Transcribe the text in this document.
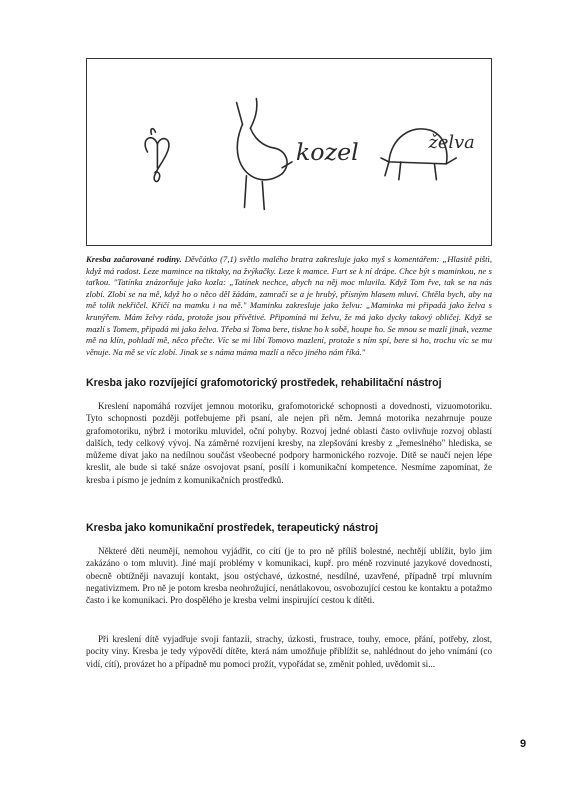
kozel	želva
Kresba začarované rodiny. Děvčátko (7,1) světlo malého bratra zakresluje jako myš s komentářem: „Hlasitě pištì, když má radost. Leze mamince na tiktaky, na žvýkačky. Leze k mamce. Furt se k ní drápe. Chce být s maminkou, ne s taťkou. "Tatínka znázorňuje jako kozla: „Tatínek nechce, abych na něj moc mluvila. Když Tom řve, tak se na nás zlobí. Zlobí se na mě, když ho o něco děl žádám, zamračí se a je hrubý, přísným hlasem mluví. Chtěla bych, aby na mě tolik nekřičel. Křičí na mamku i na mě." Maminku zakresluje jako želvu: „Maminka mi připadá jako želva s krunýřem. Mám želvy ráda, protože jsou přívětivé. Připomíná mi želvu, že má jako dycky takový obličej. Když se mazlí s Tomem, připadá mi jako želva. Třeba si Toma bere, tiskne ho k sobě, houpe ho. Se mnou se mazlí jinak, vezme mě na klín, pohladí mě, něco přečte. Víc se mi líbí Tomovo mazlení, protože s ním spí, bere si ho, trochu víc se mu věnuje. Na mě se víc zlobí. Jinak se s náma máma mazlí a něco jiného nám říká."
Kresba jako rozvíjející grafomotorický prostředek, rehabilitační nástroj

Kreslení napomáhá rozvíjet jemnou motoriku, grafomotorické schopnosti a dovednosti, vizuomotoriku. Tyto schopnosti později potřebujeme při psaní, ale nejen při něm. Jemná motorika nezahrnuje pouze grafomotoriku, nýbrž i motoriku mluvidel, oční pohyby. Rozvoj jedné oblasti často ovlivňuje rozvoj oblastí dalších, tedy celkový vývoj. Na záměrné rozvíjení kresby, na zlepšování kresby z „řemeslného" hlediska, se můžeme dívat jako na nedílnou součást všeobecné podpory harmonického rozvoje. Dítě se naučí nejen lépe kreslit, ale bude si také snáze osvojovat psaní, posílí i komunikační kompetence. Nesmíme zapomínat, že kresba i písmo je jedním z komunikačních prostředků.

Kresba jako komunikační prostředek, terapeutický nástroj

Některé děti neumějí, nemohou vyjádřit, co cítí (je to pro ně příliš bolestné, nechtějí ublížit, bylo jim zakázáno o tom mluvit). Jiné mají problémy v komunikaci, kupř. pro méně rozvinuté jazykové dovednosti, obecně obtížněji navazují kontakt, jsou ostýchavé, úzkostné, nesdílné, uzavřené, případně trpí mluvním negativizmem. Pro ně je potom kresba neohrožující, nenátlakovou, osvobozující cestou ke kontaktu a potažmo často i ke komunikaci. Pro dospělého je kresba velmi inspirující cestou k dítěti.

Při kreslení dítě vyjadřuje svoji fantazii, strachy, úzkosti, frustrace, touhy, emoce, přání, potřeby, zlost, pocity viny. Kresba je tedy výpovědí dítěte, která nám umožňuje přiblížit se, nahlédnout do jeho vnímání (co vidí, cítí), provázet ho a případně mu pomoci prožít, vypořádat se, změnit pohled, uvědomit si...

9
